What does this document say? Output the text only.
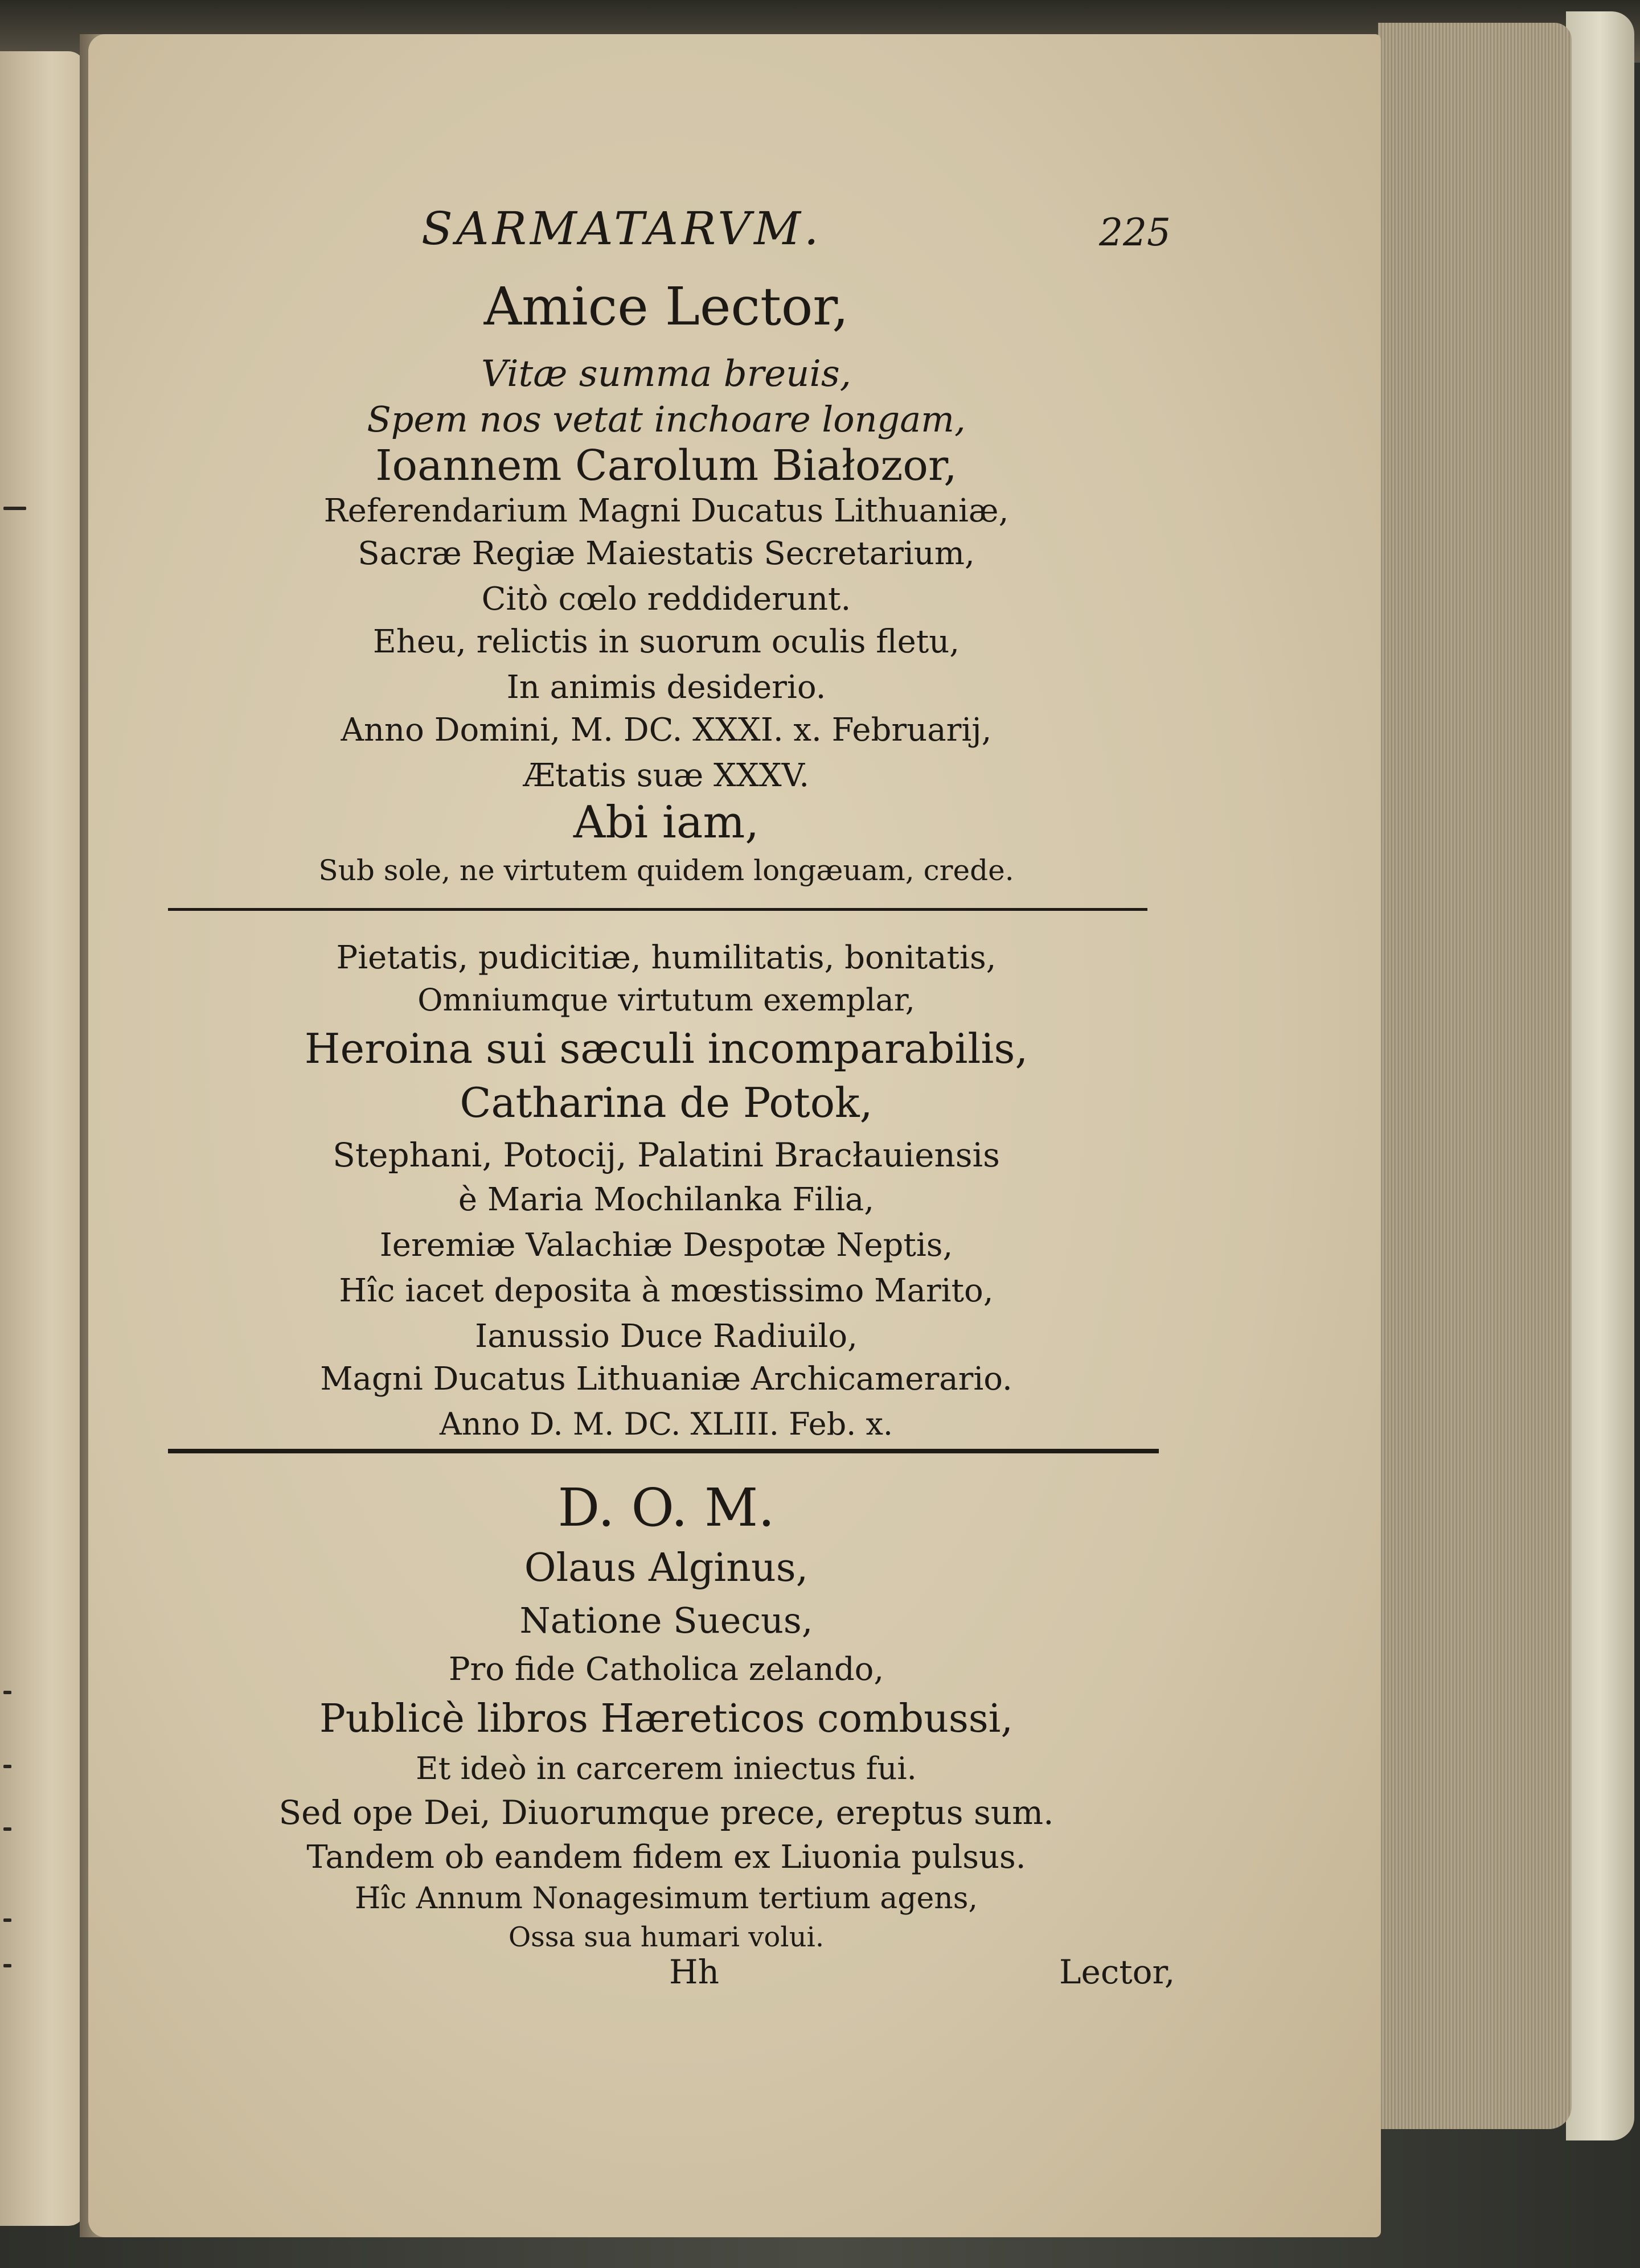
SARMATARVM.	225
Amice Lector,
Vitæ summa breuis,
Spem nos vetat inchoare longam,
Ioannem Carolum Białozor,
Referendarium Magni Ducatus Lithuaniæ,
Sacræ Regiæ Maiestatis Secretarium,
Citò cœlo reddiderunt.
Eheu, relictis in suorum oculis fletu,
In animis desiderio.
Anno Domini, M. DC. XXXI. x. Februarij,
Ætatis suæ XXXV.
Abi iam,
Sub sole, ne virtutem quidem longæuam, crede.
Pietatis, pudicitiæ, humilitatis, bonitatis,
Omniumque virtutum exemplar,
Heroina sui sæculi incomparabilis,
Catharina de Potok,
Stephani, Potocij, Palatini Bracłauiensis
è Maria Mochilanka Filia,
Ieremiæ Valachiæ Despotæ Neptis,
Hîc iacet deposita à mœstissimo Marito,
Ianussio Duce Radiuilo,
Magni Ducatus Lithuaniæ Archicamerario.
Anno D. M. DC. XLIII. Feb. x.
D. O. M.
Olaus Alginus,
Natione Suecus,
Pro fide Catholica zelando,
Publicè libros Hæreticos combussi,
Et ideò in carcerem iniectus fui.
Sed ope Dei, Diuorumque prece, ereptus sum.
Tandem ob eandem fidem ex Liuonia pulsus.
Hîc Annum Nonagesimum tertium agens,
Ossa sua humari volui.
Hh	Lector,
